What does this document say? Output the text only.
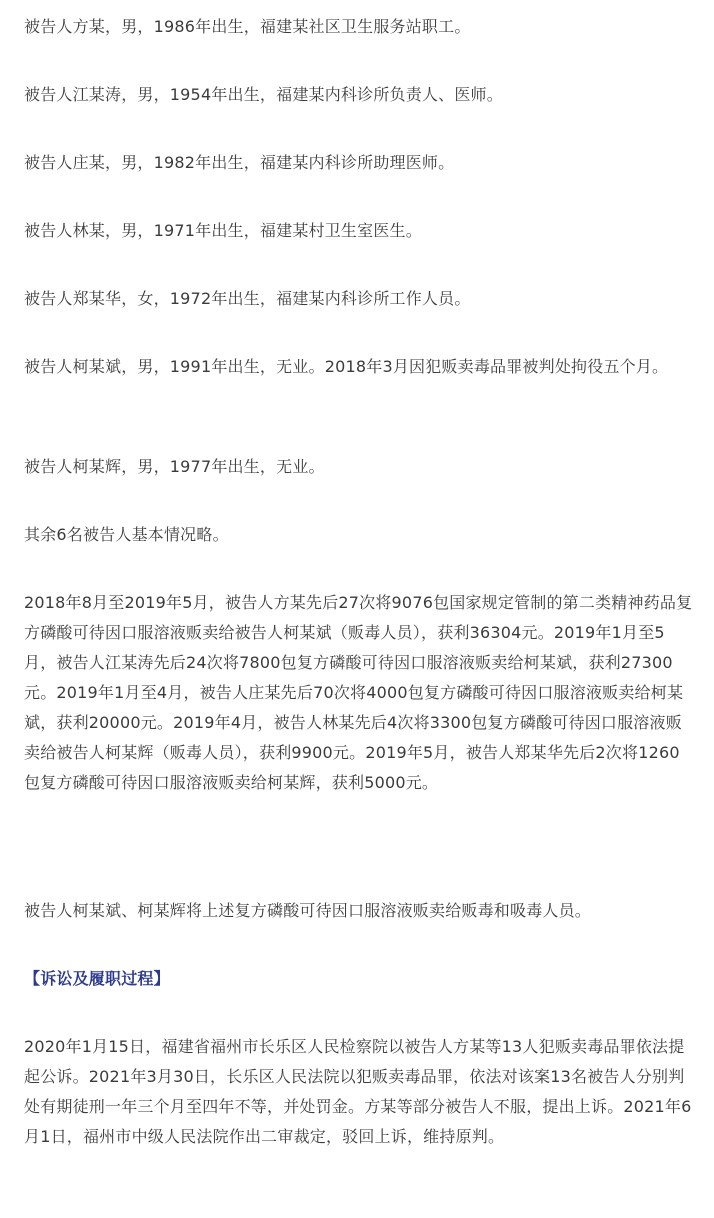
被告人方某，男，1986年出生，福建某社区卫生服务站职工。

被告人江某涛，男，1954年出生，福建某内科诊所负责人、医师。

被告人庄某，男，1982年出生，福建某内科诊所助理医师。

被告人林某，男，1971年出生，福建某村卫生室医生。

被告人郑某华，女，1972年出生，福建某内科诊所工作人员。

被告人柯某斌，男，1991年出生，无业。2018年3月因犯贩卖毒品罪被判处拘役五个月。

被告人柯某辉，男，1977年出生，无业。

其余6名被告人基本情况略。

2018年8月至2019年5月，被告人方某先后27次将9076包国家规定管制的第二类精神药品复方磷酸可待因口服溶液贩卖给被告人柯某斌（贩毒人员），获利36304元。2019年1月至5月，被告人江某涛先后24次将7800包复方磷酸可待因口服溶液贩卖给柯某斌，获利27300元。2019年1月至4月，被告人庄某先后70次将4000包复方磷酸可待因口服溶液贩卖给柯某斌，获利20000元。2019年4月，被告人林某先后4次将3300包复方磷酸可待因口服溶液贩卖给被告人柯某辉（贩毒人员），获利9900元。2019年5月，被告人郑某华先后2次将1260包复方磷酸可待因口服溶液贩卖给柯某辉，获利5000元。

被告人柯某斌、柯某辉将上述复方磷酸可待因口服溶液贩卖给贩毒和吸毒人员。

【诉讼及履职过程】

2020年1月15日，福建省福州市长乐区人民检察院以被告人方某等13人犯贩卖毒品罪依法提起公诉。2021年3月30日，长乐区人民法院以犯贩卖毒品罪，依法对该案13名被告人分别判处有期徒刑一年三个月至四年不等，并处罚金。方某等部分被告人不服，提出上诉。2021年6月1日，福州市中级人民法院作出二审裁定，驳回上诉，维持原判。
